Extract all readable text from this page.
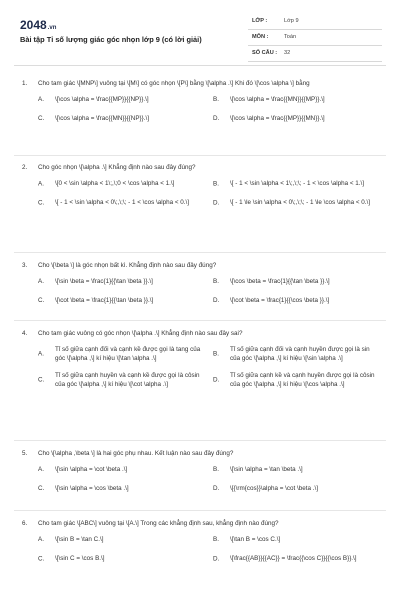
2048.vn
Bài tập Tỉ số lượng giác góc nhọn lớp 9 (có lời giải)
LỚP :	Lớp 9
MÔN :	Toán
SỐ CÂU : 32
1. Cho tam giác \[MNP\] vuông tại \[M\] có góc nhọn \[P\] bằng \[\alpha .\] Khi đó \[\cos \alpha \] bằng
A. \[\cos \alpha = \frac{{MP}}{{NP}}.\]	B. \[\cos \alpha = \frac{{MN}}{{MP}}.\]
C. \[\cos \alpha = \frac{{MN}}{{NP}}.\]	D. \[\cos \alpha = \frac{{MP}}{{MN}}.\]
2. Cho góc nhọn \[\alpha .\] Khẳng định nào sau đây đúng?
A. \[0 < \sin \alpha < 1\;,\;0 < \cos \alpha < 1.\]	B. \[ - 1 < \sin \alpha < 1\;,\;\; - 1 < \cos \alpha < 1.\]
C. \[ - 1 < \sin \alpha < 0\;,\;\; - 1 < \cos \alpha < 0.\]	D. \[ - 1 \le \sin \alpha < 0\;,\;\; - 1 \le \cos \alpha < 0.\]
3. Cho \[\beta \] là góc nhọn bất kì. Khẳng định nào sau đây đúng?
A. \[\sin \beta = \frac{1}{{\tan \beta }}.\]	B. \[\cos \beta = \frac{1}{{\tan \beta }}.\]
C. \[\cot \beta = \frac{1}{{\tan \beta }}.\]	D. \[\cot \beta = \frac{1}{{\cos \beta }}.\]
4. Cho tam giác vuông có góc nhọn \[\alpha .\] Khẳng định nào sau đây sai?
A.
Tỉ số giữa cạnh đối và cạnh kề được gọi là tang của góc \[\alpha ,\] kí hiệu \[\tan \alpha .\]
B.
Tỉ số giữa cạnh đối và cạnh huyền được gọi là sin của góc \[\alpha ,\] kí hiệu \[\sin \alpha .\]
C.
Tỉ số giữa cạnh huyền và cạnh kề được gọi là côsin của góc \[\alpha ,\] kí hiệu \[\cot \alpha .\]
D.
Tỉ số giữa cạnh kề và cạnh huyền được gọi là côsin của góc \[\alpha ,\] kí hiệu \[\cos \alpha .\]
5. Cho \[\alpha ,\beta \] là hai góc phụ nhau. Kết luận nào sau đây đúng?
A. \[\sin \alpha = \cot \beta .\]	B. \[\sin \alpha = \tan \beta .\]
C. \[\sin \alpha = \cos \beta .\]	D. \[{\rm{cos}}\alpha = \cot \beta .\]
6. Cho tam giác \[ABC\] vuông tại \[A.\] Trong các khẳng định sau, khẳng định nào đúng?
A. \[\sin B = \tan C.\]	B. \[\tan B = \cos C.\]
C. \[\sin C = \cos B.\]	D. \[\frac{{AB}}{{AC}} = \frac{{\cos C}}{{\cos B}}.\]
